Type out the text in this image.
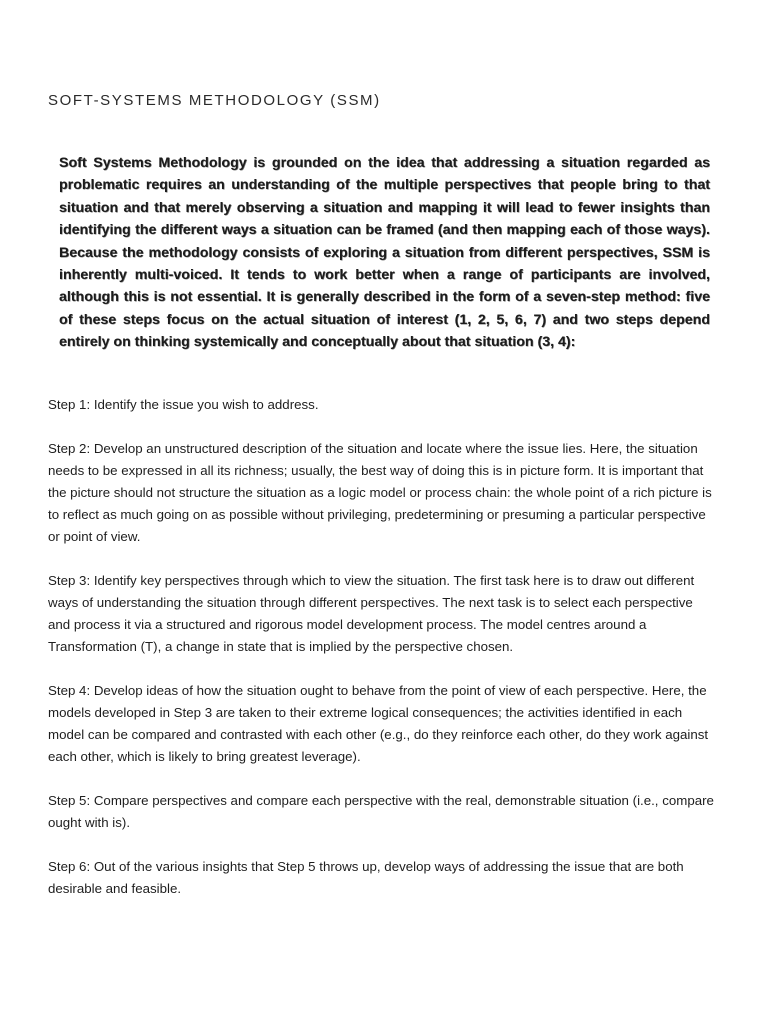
SOFT-SYSTEMS METHODOLOGY (SSM)

Soft Systems Methodology is grounded on the idea that addressing a situation regarded as problematic requires an understanding of the multiple perspectives that people bring to that situation and that merely observing a situation and mapping it will lead to fewer insights than identifying the different ways a situation can be framed (and then mapping each of those ways). Because the methodology consists of exploring a situation from different perspectives, SSM is inherently multi-voiced. It tends to work better when a range of participants are involved, although this is not essential. It is generally described in the form of a seven-step method: five of these steps focus on the actual situation of interest (1, 2, 5, 6, 7) and two steps depend entirely on thinking systemically and conceptually about that situation (3, 4):

Step 1: Identify the issue you wish to address.

Step 2: Develop an unstructured description of the situation and locate where the issue lies. Here, the situation needs to be expressed in all its richness; usually, the best way of doing this is in picture form. It is important that the picture should not structure the situation as a logic model or process chain: the whole point of a rich picture is to reflect as much going on as possible without privileging, predetermining or presuming a particular perspective or point of view.

Step 3: Identify key perspectives through which to view the situation. The first task here is to draw out different ways of understanding the situation through different perspectives. The next task is to select each perspective and process it via a structured and rigorous model development process. The model centres around a Transformation (T), a change in state that is implied by the perspective chosen.

Step 4: Develop ideas of how the situation ought to behave from the point of view of each perspective. Here, the models developed in Step 3 are taken to their extreme logical consequences; the activities identified in each model can be compared and contrasted with each other (e.g., do they reinforce each other, do they work against each other, which is likely to bring greatest leverage).

Step 5: Compare perspectives and compare each perspective with the real, demonstrable situation (i.e., compare ought with is).

Step 6: Out of the various insights that Step 5 throws up, develop ways of addressing the issue that are both desirable and feasible.
